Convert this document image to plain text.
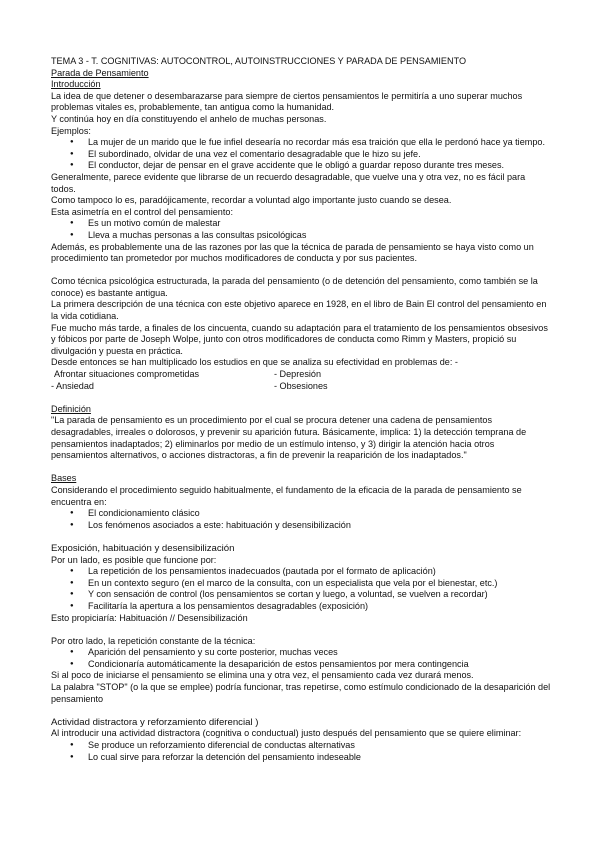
TEMA 3 - T. COGNITIVAS: AUTOCONTROL, AUTOINSTRUCCIONES Y PARADA DE PENSAMIENTO
Parada de Pensamiento
Introducción
La idea de que detener o desembarazarse para siempre de ciertos pensamientos le permitiría a uno superar muchos problemas vitales es, probablemente, tan antigua como la humanidad.
Y continúa hoy en día constituyendo el anhelo de muchas personas.
Ejemplos:
● La mujer de un marido que le fue infiel desearía no recordar más esa traición que ella le perdonó hace ya tiempo.
● El subordinado, olvidar de una vez el comentario desagradable que le hizo su jefe.
● El conductor, dejar de pensar en el grave accidente que le obligó a guardar reposo durante tres meses.
Generalmente, parece evidente que librarse de un recuerdo desagradable, que vuelve una y otra vez, no es fácil para todos.
Como tampoco lo es, paradójicamente, recordar a voluntad algo importante justo cuando se desea.
Esta asimetría en el control del pensamiento:
● Es un motivo común de malestar
● Lleva a muchas personas a las consultas psicológicas
Además, es probablemente una de las razones por las que la técnica de parada de pensamiento se haya visto como un procedimiento tan prometedor por muchos modificadores de conducta y por sus pacientes.
Como técnica psicológica estructurada, la parada del pensamiento (o de detención del pensamiento, como también se la conoce) es bastante antigua.
La primera descripción de una técnica con este objetivo aparece en 1928, en el libro de Bain El control del pensamiento en la vida cotidiana.
Fue mucho más tarde, a finales de los cincuenta, cuando su adaptación para el tratamiento de los pensamientos obsesivos y fóbicos por parte de Joseph Wolpe, junto con otros modificadores de conducta como Rimm y Masters, propició su divulgación y puesta en práctica.
Desde entonces se han multiplicado los estudios en que se analiza su efectividad en problemas de: -
Afrontar situaciones comprometidas
- Ansiedad
- Depresión
- Obsesiones
Definición
"La parada de pensamiento es un procedimiento por el cual se procura detener una cadena de pensamientos desagradables, irreales o dolorosos, y prevenir su aparición futura. Básicamente, implica: 1) la detección temprana de pensamientos inadaptados; 2) eliminarlos por medio de un estímulo intenso, y 3) dirigir la atención hacia otros pensamientos alternativos, o acciones distractoras, a fin de prevenir la reaparición de los inadaptados."
Bases
Considerando el procedimiento seguido habitualmente, el fundamento de la eficacia de la parada de pensamiento se encuentra en:
● El condicionamiento clásico
● Los fenómenos asociados a este: habituación y desensibilización
Exposición, habituación y desensibilización
Por un lado, es posible que funcione por:
● La repetición de los pensamientos inadecuados (pautada por el formato de aplicación)
● En un contexto seguro (en el marco de la consulta, con un especialista que vela por el bienestar, etc.)
● Y con sensación de control (los pensamientos se cortan y luego, a voluntad, se vuelven a recordar)
● Facilitaría la apertura a los pensamientos desagradables (exposición)
Esto propiciaría: Habituación // Desensibilización
Por otro lado, la repetición constante de la técnica:
● Aparición del pensamiento y su corte posterior, muchas veces
● Condicionaría automáticamente la desaparición de estos pensamientos por mera contingencia
Si al poco de iniciarse el pensamiento se elimina una y otra vez, el pensamiento cada vez durará menos.
La palabra "STOP" (o la que se emplee) podría funcionar, tras repetirse, como estímulo condicionado de la desaparición del pensamiento
Actividad distractora y reforzamiento diferencial )
Al introducir una actividad distractora (cognitiva o conductual) justo después del pensamiento que se quiere eliminar:
● Se produce un reforzamiento diferencial de conductas alternativas
● Lo cual sirve para reforzar la detención del pensamiento indeseable
